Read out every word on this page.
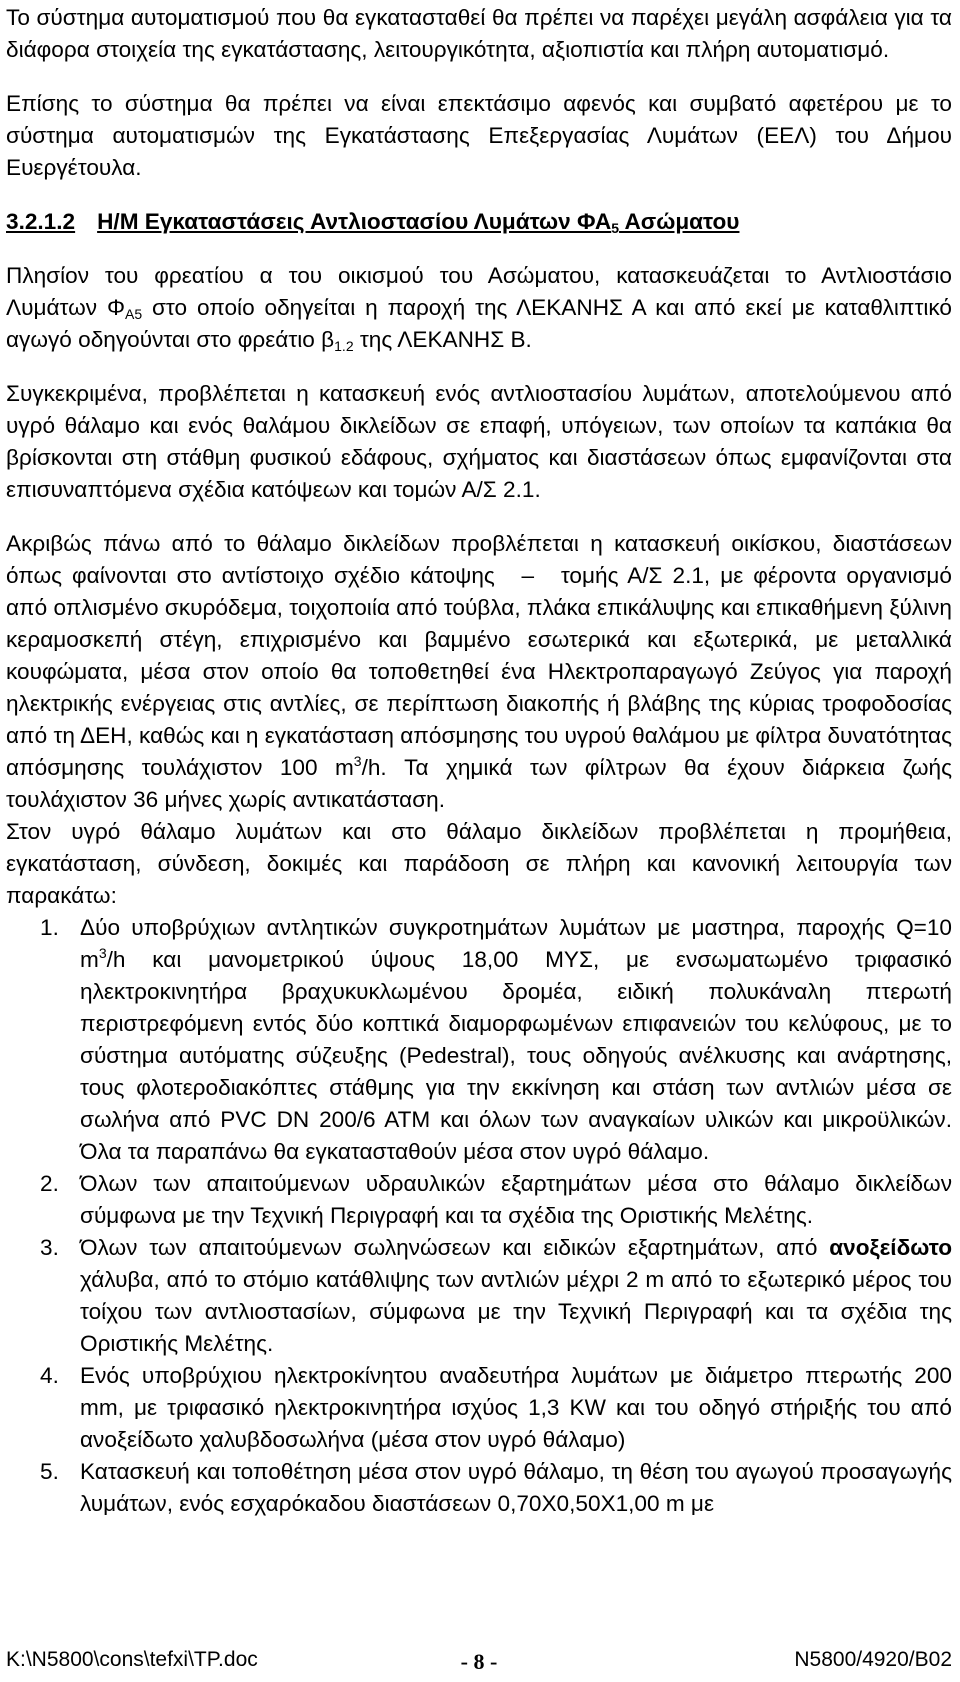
Το σύστημα αυτοματισμού που θα εγκατασταθεί θα πρέπει να παρέχει μεγάλη ασφάλεια για τα διάφορα στοιχεία της εγκατάστασης, λειτουργικότητα, αξιοπιστία και πλήρη αυτοματισμό.

Επίσης το σύστημα θα πρέπει να είναι επεκτάσιμο αφενός και συμβατό αφετέρου με το σύστημα αυτοματισμών της Εγκατάστασης Επεξεργασίας Λυμάτων (ΕΕΛ) του Δήμου Ευεργέτουλα.

3.2.1.2 Η/Μ Εγκαταστάσεις Αντλιοστασίου Λυμάτων $\Phi A_5$ Ασώματου

Πλησίον του φρεατίου α του οικισμού του Ασώματου, κατασκευάζεται το Αντλιοστάσιο Λυμάτων $\Phi_{A5}$ στο οποίο οδηγείται η παροχή της ΛΕΚΑΝΗΣ Α και από εκεί με καταθλιπτικό αγωγό οδηγούνται στο φρεάτιο $\beta_{1.2}$ της ΛΕΚΑΝΗΣ Β.

Συγκεκριμένα, προβλέπεται η κατασκευή ενός αντλιοστασίου λυμάτων, αποτελούμενου από υγρό θάλαμο και ενός θαλάμου δικλείδων σε επαφή, υπόγειων, των οποίων τα καπάκια θα βρίσκονται στη στάθμη φυσικού εδάφους, σχήματος και διαστάσεων όπως εμφανίζονται στα επισυναπτόμενα σχέδια κατόψεων και τομών Α/Σ 2.1.

Ακριβώς πάνω από το θάλαμο δικλείδων προβλέπεται η κατασκευή οικίσκου, διαστάσεων όπως φαίνονται στο αντίστοιχο σχέδιο κάτοψης – τομής Α/Σ 2.1, με φέροντα οργανισμό από οπλισμένο σκυρόδεμα, τοιχοποιία από τούβλα, πλάκα επικάλυψης και επικαθήμενη ξύλινη κεραμοσκεπή στέγη, επιχρισμένο και βαμμένο εσωτερικά και εξωτερικά, με μεταλλικά κουφώματα, μέσα στον οποίο θα τοποθετηθεί ένα Ηλεκτροπαραγωγό Ζεύγος για παροχή ηλεκτρικής ενέργειας στις αντλίες, σε περίπτωση διακοπής ή βλάβης της κύριας τροφοδοσίας από τη ΔΕΗ, καθώς και η εγκατάσταση απόσμησης του υγρού θαλάμου με φίλτρα δυνατότητας απόσμησης τουλάχιστον 100 $m^3/h$. Τα χημικά των φίλτρων θα έχουν διάρκεια ζωής τουλάχιστον 36 μήνες χωρίς αντικατάσταση.

Στον υγρό θάλαμο λυμάτων και στο θάλαμο δικλείδων προβλέπεται η προμήθεια, εγκατάσταση, σύνδεση, δοκιμές και παράδοση σε πλήρη και κανονική λειτουργία των παρακάτω:

1. Δύο υποβρύχιων αντλητικών συγκροτημάτων λυμάτων με μαστηρα, παροχής Q=10 $m^3/h$ και μανομετρικού ύψους 18,00 ΜΥΣ, με ενσωματωμένο τριφασικό ηλεκτροκινητήρα βραχυκυκλωμένου δρομέα, ειδική πολυκάναλη πτερωτή περιστρεφόμενη εντός δύο κοπτικά διαμορφωμένων επιφανειών του κελύφους, με το σύστημα αυτόματης σύζευξης (Pedestral), τους οδηγούς ανέλκυσης και ανάρτησης, τους φλοτεροδιακόπτες στάθμης για την εκκίνηση και στάση των αντλιών μέσα σε σωλήνα από PVC DN 200/6 ATM και όλων των αναγκαίων υλικών και μικροϋλικών. Όλα τα παραπάνω θα εγκατασταθούν μέσα στον υγρό θάλαμο.

2. Όλων των απαιτούμενων υδραυλικών εξαρτημάτων μέσα στο θάλαμο δικλείδων σύμφωνα με την Τεχνική Περιγραφή και τα σχέδια της Οριστικής Μελέτης.

3. Όλων των απαιτούμενων σωληνώσεων και ειδικών εξαρτημάτων, από ανοξείδωτο χάλυβα, από το στόμιο κατάθλιψης των αντλιών μέχρι 2 m από το εξωτερικό μέρος του τοίχου των αντλιοστασίων, σύμφωνα με την Τεχνική Περιγραφή και τα σχέδια της Οριστικής Μελέτης.

4. Ενός υποβρύχιου ηλεκτροκίνητου αναδευτήρα λυμάτων με διάμετρο πτερωτής 200 mm, με τριφασικό ηλεκτροκινητήρα ισχύος 1,3 KW και του οδηγό στήριξής του από ανοξείδωτο χαλυβδοσωλήνα (μέσα στον υγρό θάλαμο)

5. Κατασκευή και τοποθέτηση μέσα στον υγρό θάλαμο, τη θέση του αγωγού προσαγωγής λυμάτων, ενός εσχαρόκαδου διαστάσεων 0,70Χ0,50Χ1,00 m με

K:\N5800\cons\tefxi\TP.doc	- 8 -	N5800/4920/B02
